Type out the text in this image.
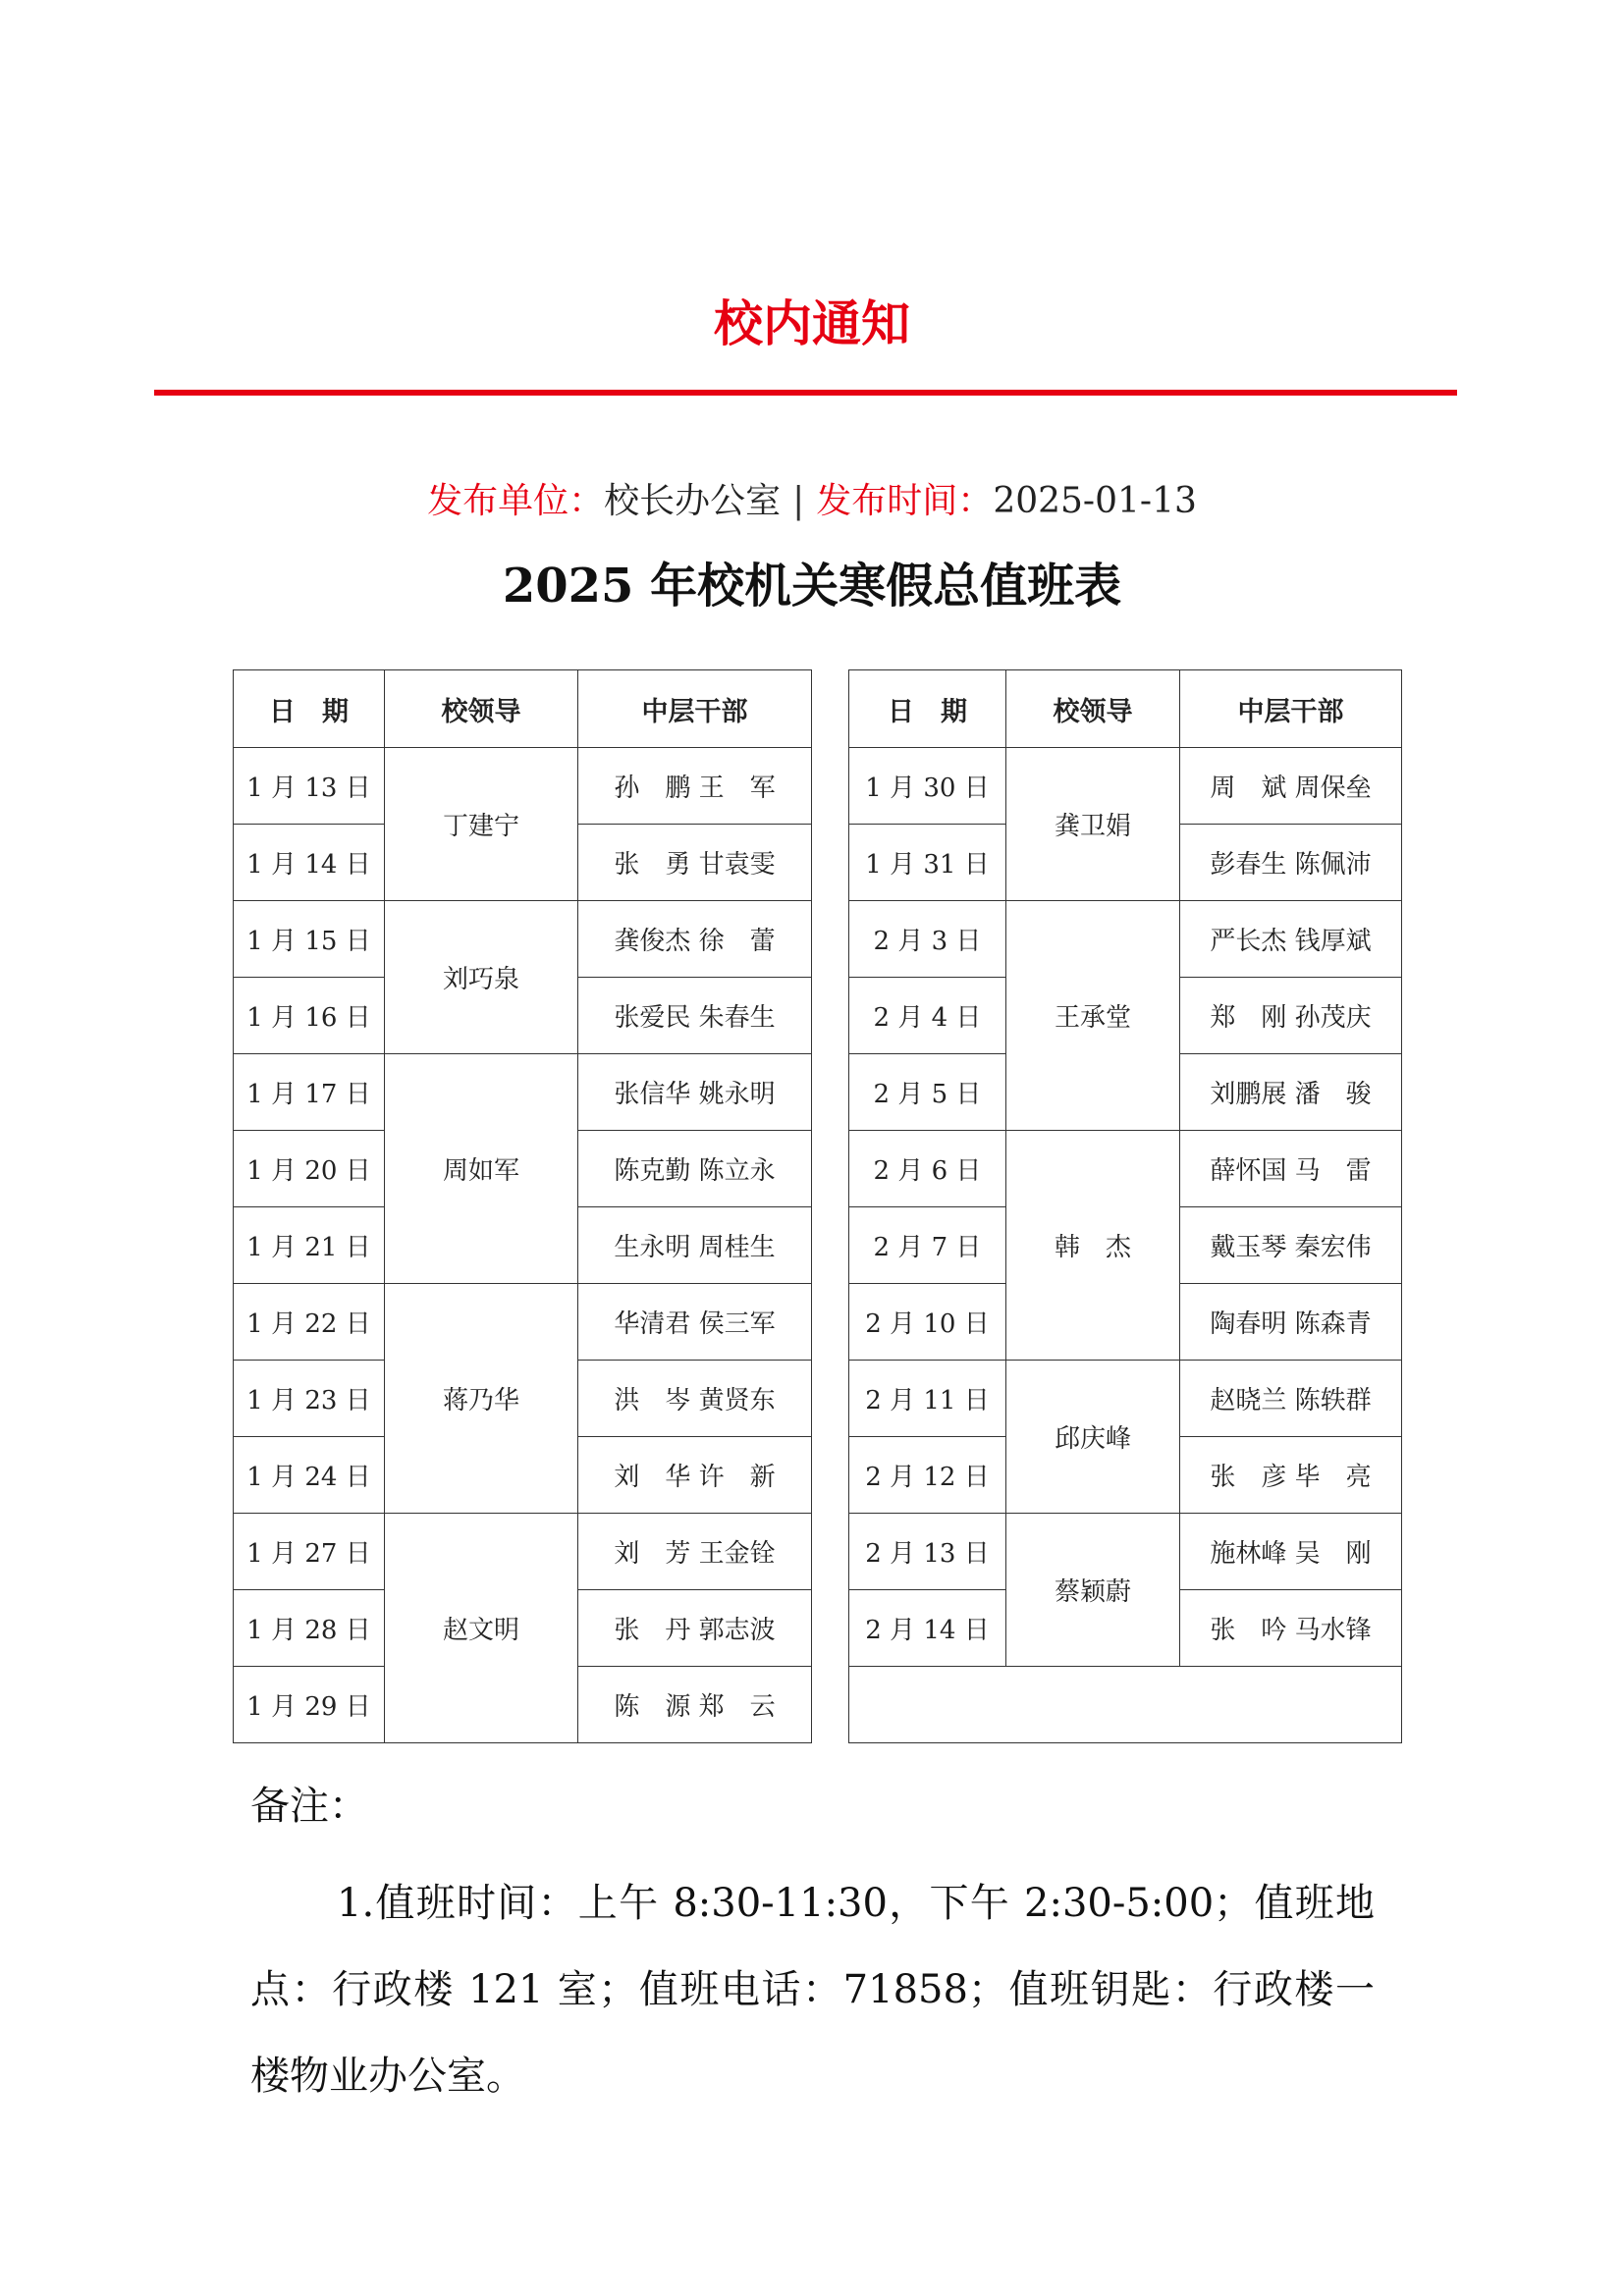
校内通知
发布单位：校长办公室 | 发布时间：2025-01-13
2025 年校机关寒假总值班表
日　期	校领导	中层干部		日　期	校领导	中层干部
1 月 13 日	丁建宁	孙　鹏 王　军		1 月 30 日	龚卫娟	周　斌 周保垒
1 月 14 日		张　勇 甘袁雯		1 月 31 日		彭春生 陈佩沛
1 月 15 日	刘巧泉	龚俊杰 徐　蕾		2 月 3 日	王承堂	严长杰 钱厚斌
1 月 16 日		张爱民 朱春生		2 月 4 日		郑　刚 孙茂庆
1 月 17 日	周如军	张信华 姚永明		2 月 5 日		刘鹏展 潘　骏
1 月 20 日		陈克勤 陈立永		2 月 6 日	韩　杰	薛怀国 马　雷
1 月 21 日		生永明 周桂生		2 月 7 日		戴玉琴 秦宏伟
1 月 22 日	蒋乃华	华清君 侯三军		2 月 10 日		陶春明 陈森青
1 月 23 日		洪　岑 黄贤东		2 月 11 日	邱庆峰	赵晓兰 陈轶群
1 月 24 日		刘　华 许　新		2 月 12 日		张　彦 毕　亮
1 月 27 日	赵文明	刘　芳 王金铨		2 月 13 日	蔡颖蔚	施林峰 吴　刚
1 月 28 日		张　丹 郭志波		2 月 14 日		张　吟 马水锋
1 月 29 日		陈　源 郑　云				
备注：
1.值班时间：上午 8:30-11:30，下午 2:30-5:00；值班地点：行政楼 121 室；值班电话：71858；值班钥匙：行政楼一楼物业办公室。
